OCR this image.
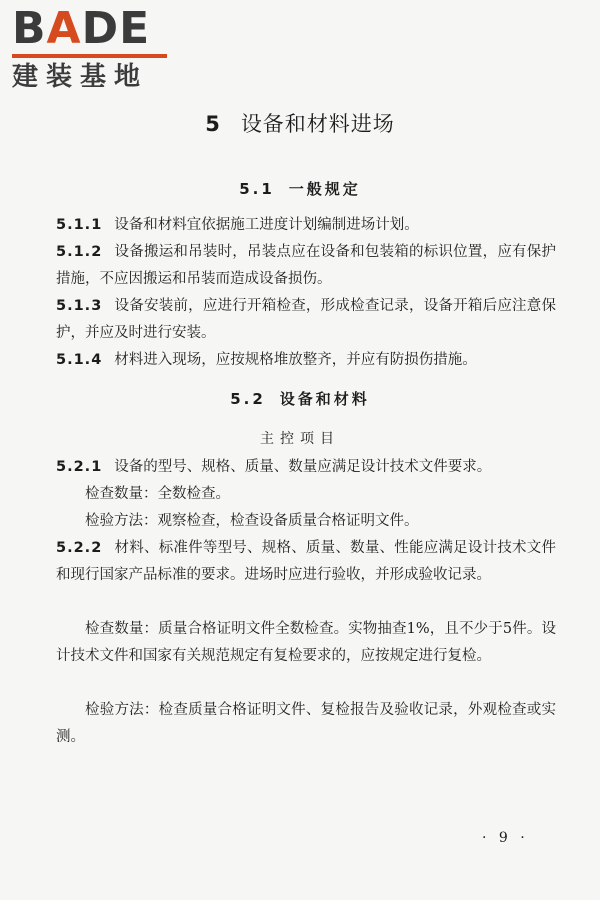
BADE
建装基地
5 设备和材料进场
5.1 一般规定
5.1.1 设备和材料宜依据施工进度计划编制进场计划。
5.1.2 设备搬运和吊装时，吊装点应在设备和包装箱的标识位置，应有保护措施，不应因搬运和吊装而造成设备损伤。
5.1.3 设备安装前，应进行开箱检查，形成检查记录，设备开箱后应注意保护，并应及时进行安装。
5.1.4 材料进入现场，应按规格堆放整齐，并应有防损伤措施。
5.2 设备和材料
主控项目
5.2.1 设备的型号、规格、质量、数量应满足设计技术文件要求。
检查数量：全数检查。
检验方法：观察检查，检查设备质量合格证明文件。
5.2.2 材料、标准件等型号、规格、质量、数量、性能应满足设计技术文件和现行国家产品标准的要求。进场时应进行验收，并形成验收记录。
检查数量：质量合格证明文件全数检查。实物抽查1%，且不少于5件。设计技术文件和国家有关规范规定有复检要求的，应按规定进行复检。
检验方法：检查质量合格证明文件、复检报告及验收记录，外观检查或实测。
· 9 ·
